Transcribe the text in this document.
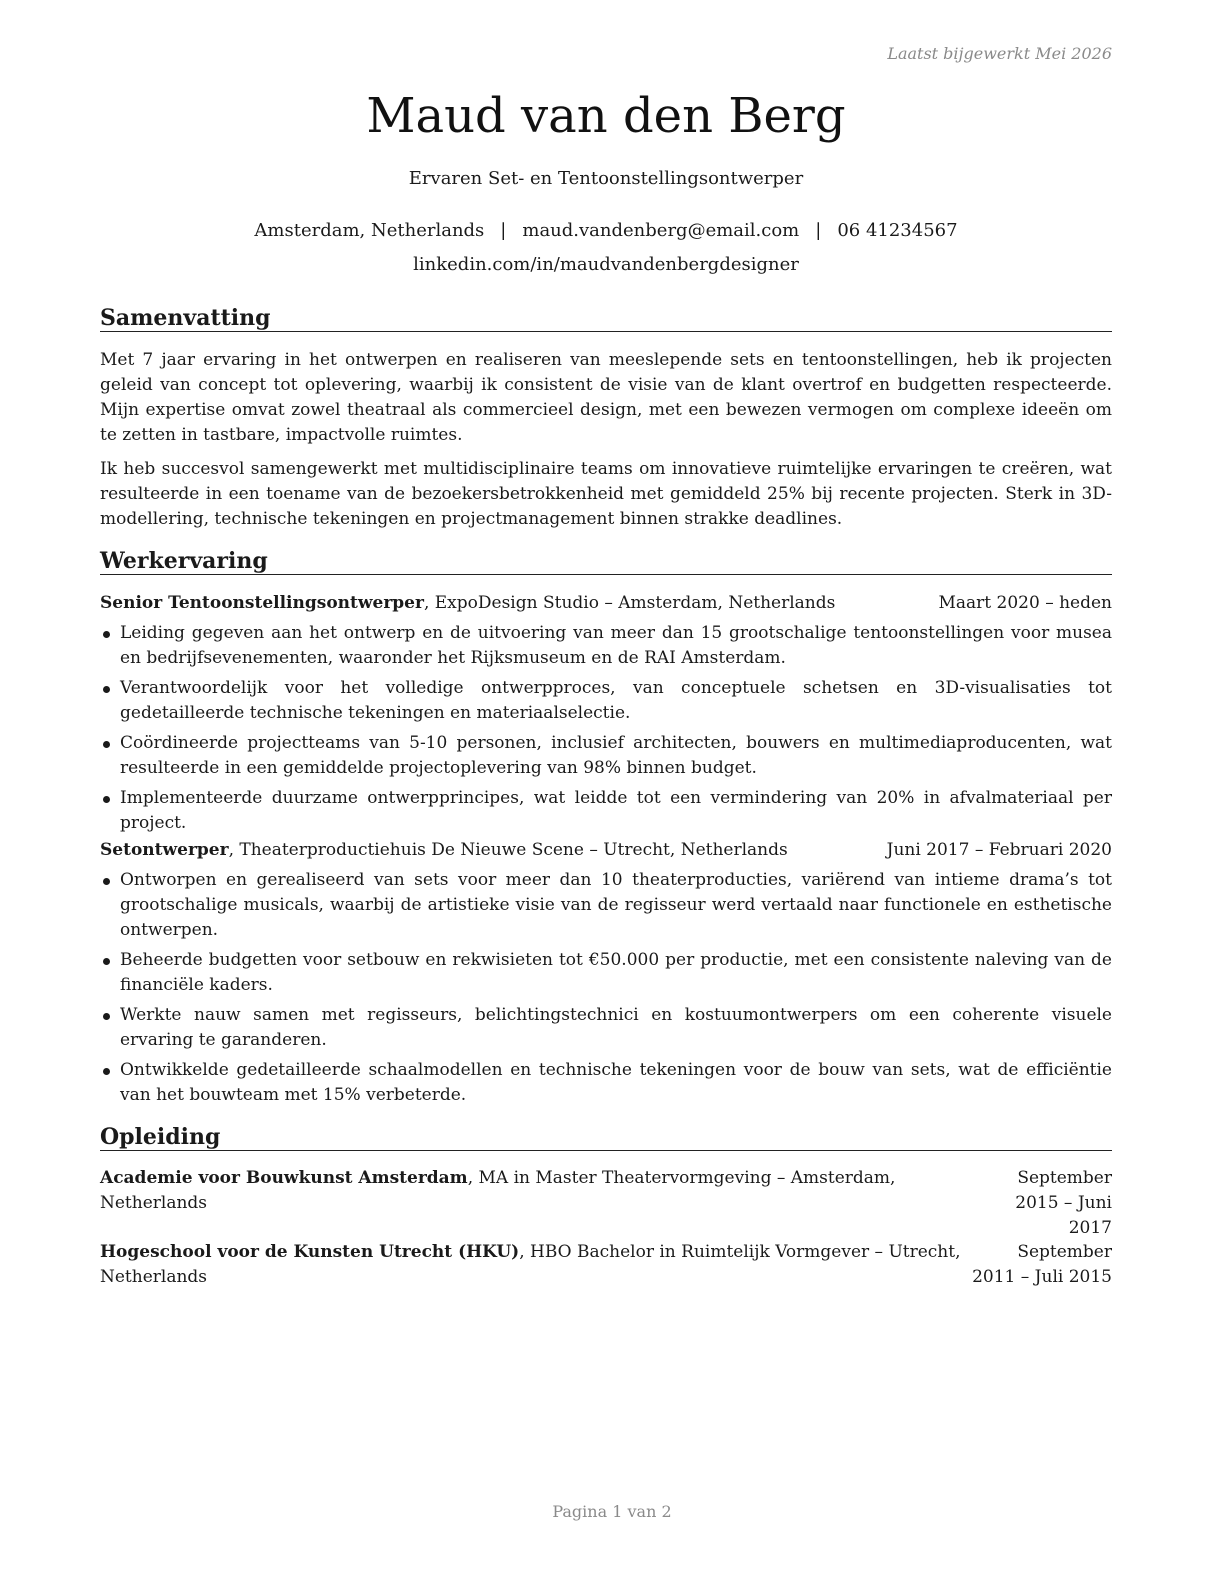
Laatst bijgewerkt Mei 2026
Maud van den Berg
Ervaren Set- en Tentoonstellingsontwerper
Amsterdam, Netherlands | maud.vandenberg@email.com | 06 41234567
linkedin.com/in/maudvandenbergdesigner
Samenvatting
Met 7 jaar ervaring in het ontwerpen en realiseren van meeslepende sets en tentoonstellingen, heb ik projecten geleid van concept tot oplevering, waarbij ik consistent de visie van de klant overtrof en budgetten respecteerde. Mijn expertise omvat zowel theatraal als commercieel design, met een bewezen vermogen om complexe ideeën om te zetten in tastbare, impactvolle ruimtes.
Ik heb succesvol samengewerkt met multidisciplinaire teams om innovatieve ruimtelijke ervaringen te creëren, wat resulteerde in een toename van de bezoekersbetrokkenheid met gemiddeld 25% bij recente projecten. Sterk in 3D-modellering, technische tekeningen en projectmanagement binnen strakke deadlines.
Werkervaring
Senior Tentoonstellingsontwerper, ExpoDesign Studio – Amsterdam, Netherlands	Maart 2020 – heden
Leiding gegeven aan het ontwerp en de uitvoering van meer dan 15 grootschalige tentoonstellingen voor musea en bedrijfsevenementen, waaronder het Rijksmuseum en de RAI Amsterdam.
Verantwoordelijk voor het volledige ontwerpproces, van conceptuele schetsen en 3D-visualisaties tot gedetailleerde technische tekeningen en materiaalselectie.
Coördineerde projectteams van 5-10 personen, inclusief architecten, bouwers en multimediaproducenten, wat resulteerde in een gemiddelde projectoplevering van 98% binnen budget.
Implementeerde duurzame ontwerpprincipes, wat leidde tot een vermindering van 20% in afvalmateriaal per project.
Setontwerper, Theaterproductiehuis De Nieuwe Scene – Utrecht, Netherlands	Juni 2017 – Februari 2020
Ontworpen en gerealiseerd van sets voor meer dan 10 theaterproducties, variërend van intieme drama’s tot grootschalige musicals, waarbij de artistieke visie van de regisseur werd vertaald naar functionele en esthetische ontwerpen.
Beheerde budgetten voor setbouw en rekwisieten tot €50.000 per productie, met een consistente naleving van de financiële kaders.
Werkte nauw samen met regisseurs, belichtingstechnici en kostuumontwerpers om een coherente visuele ervaring te garanderen.
Ontwikkelde gedetailleerde schaalmodellen en technische tekeningen voor de bouw van sets, wat de efficiëntie van het bouwteam met 15% verbeterde.
Opleiding
Academie voor Bouwkunst Amsterdam, MA in Master Theatervormgeving – Amsterdam, Netherlands
September 2015 – Juni 2017
Hogeschool voor de Kunsten Utrecht (HKU), HBO Bachelor in Ruimtelijk Vormgever – Utrecht, Netherlands
September 2011 – Juli 2015
Pagina 1 van 2
